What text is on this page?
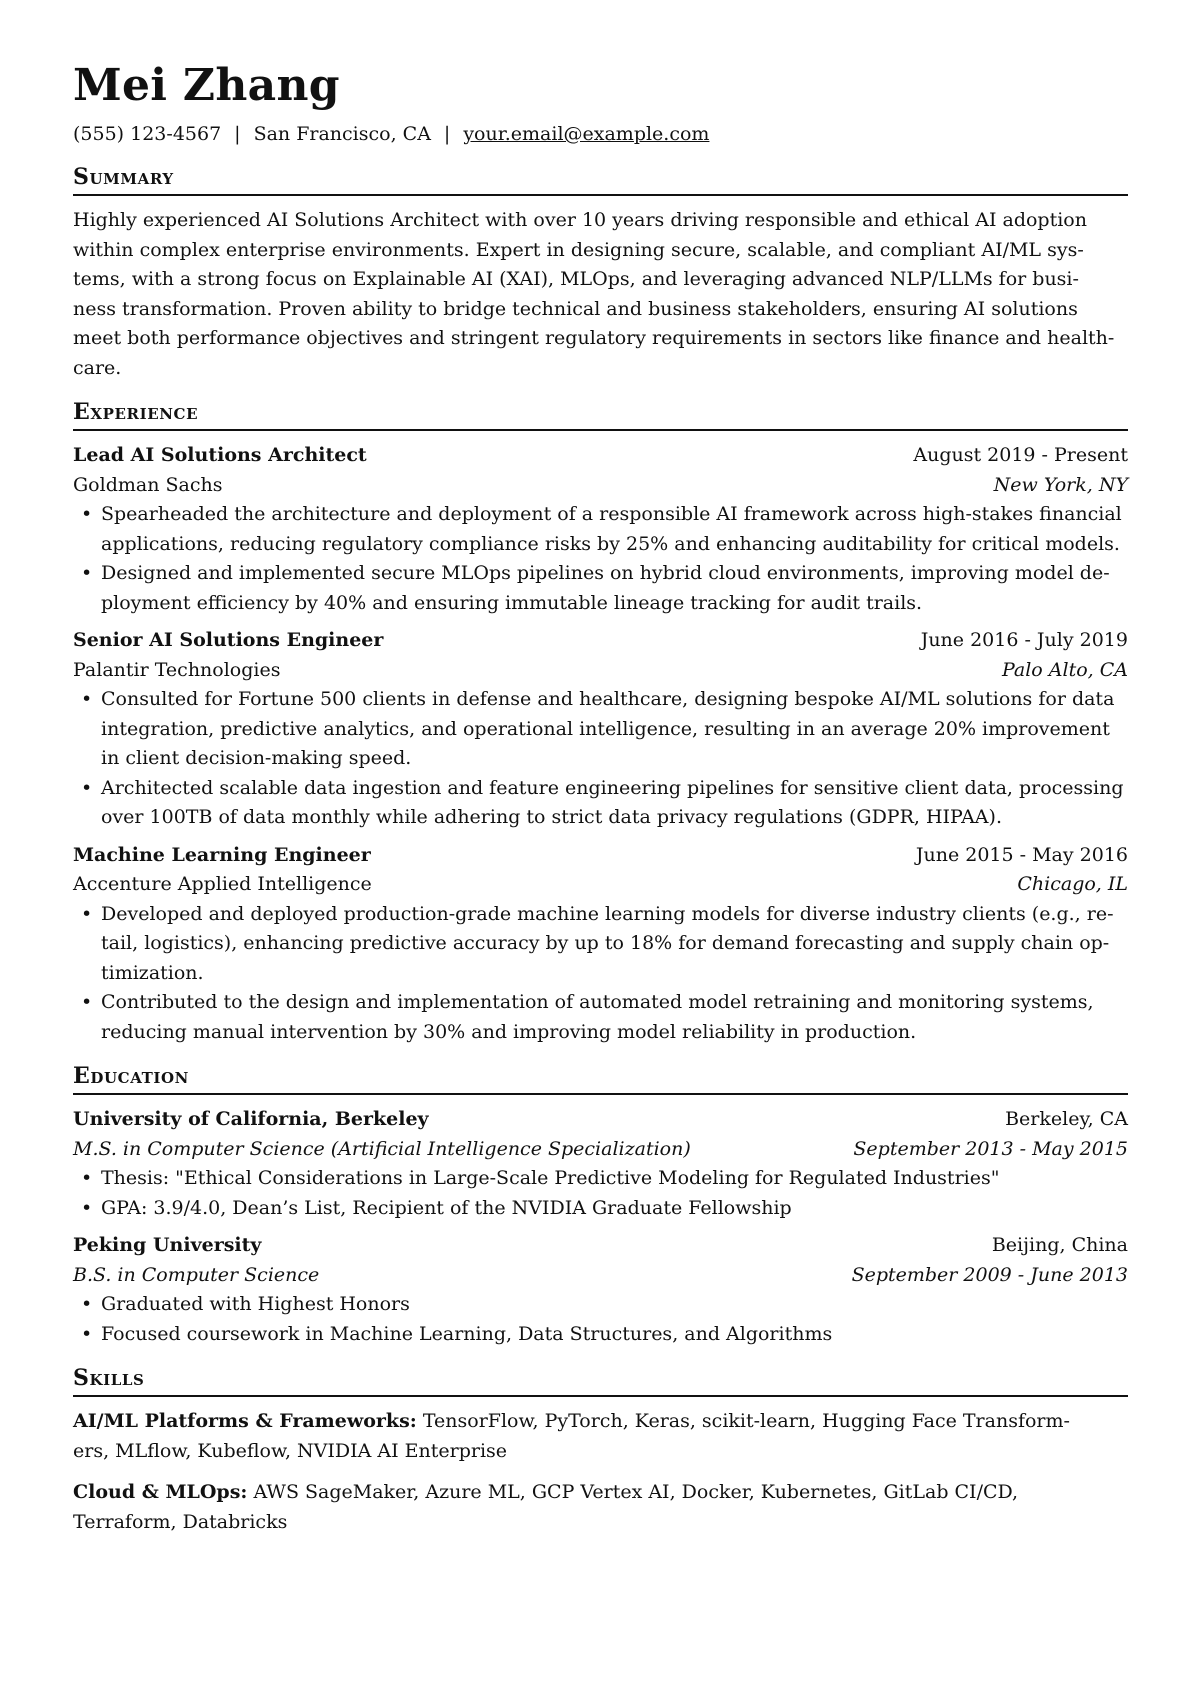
Mei Zhang
(555) 123-4567 | San Francisco, CA | your.email@example.com
Summary

Highly experienced AI Solutions Architect with over 10 years driving responsible and ethical AI adoption
within complex enterprise environments. Expert in designing secure, scalable, and compliant AI/ML sys-
tems, with a strong focus on Explainable AI (XAI), MLOps, and leveraging advanced NLP/LLMs for busi-
ness transformation. Proven ability to bridge technical and business stakeholders, ensuring AI solutions
meet both performance objectives and stringent regulatory requirements in sectors like finance and health-
care.

Experience
Lead AI Solutions Architect	August 2019 - Present
Goldman Sachs	New York, NY
• Spearheaded the architecture and deployment of a responsible AI framework across high-stakes financial
applications, reducing regulatory compliance risks by 25% and enhancing auditability for critical models.
• Designed and implemented secure MLOps pipelines on hybrid cloud environments, improving model de-
ployment efficiency by 40% and ensuring immutable lineage tracking for audit trails.
Senior AI Solutions Engineer	June 2016 - July 2019
Palantir Technologies	Palo Alto, CA
• Consulted for Fortune 500 clients in defense and healthcare, designing bespoke AI/ML solutions for data
integration, predictive analytics, and operational intelligence, resulting in an average 20% improvement
in client decision-making speed.
• Architected scalable data ingestion and feature engineering pipelines for sensitive client data, processing
over 100TB of data monthly while adhering to strict data privacy regulations (GDPR, HIPAA).
Machine Learning Engineer	June 2015 - May 2016
Accenture Applied Intelligence	Chicago, IL
• Developed and deployed production-grade machine learning models for diverse industry clients (e.g., re-
tail, logistics), enhancing predictive accuracy by up to 18% for demand forecasting and supply chain op-
timization.
• Contributed to the design and implementation of automated model retraining and monitoring systems,
reducing manual intervention by 30% and improving model reliability in production.
Education
University of California, Berkeley	Berkeley, CA
M.S. in Computer Science (Artificial Intelligence Specialization)	September 2013 - May 2015
• Thesis: "Ethical Considerations in Large-Scale Predictive Modeling for Regulated Industries"
• GPA: 3.9/4.0, Dean’s List, Recipient of the NVIDIA Graduate Fellowship
Peking University	Beijing, China
B.S. in Computer Science	September 2009 - June 2013
• Graduated with Highest Honors
• Focused coursework in Machine Learning, Data Structures, and Algorithms
Skills

AI/ML Platforms & Frameworks: TensorFlow, PyTorch, Keras, scikit-learn, Hugging Face Transform-
ers, MLflow, Kubeflow, NVIDIA AI Enterprise

Cloud & MLOps: AWS SageMaker, Azure ML, GCP Vertex AI, Docker, Kubernetes, GitLab CI/CD,
Terraform, Databricks
